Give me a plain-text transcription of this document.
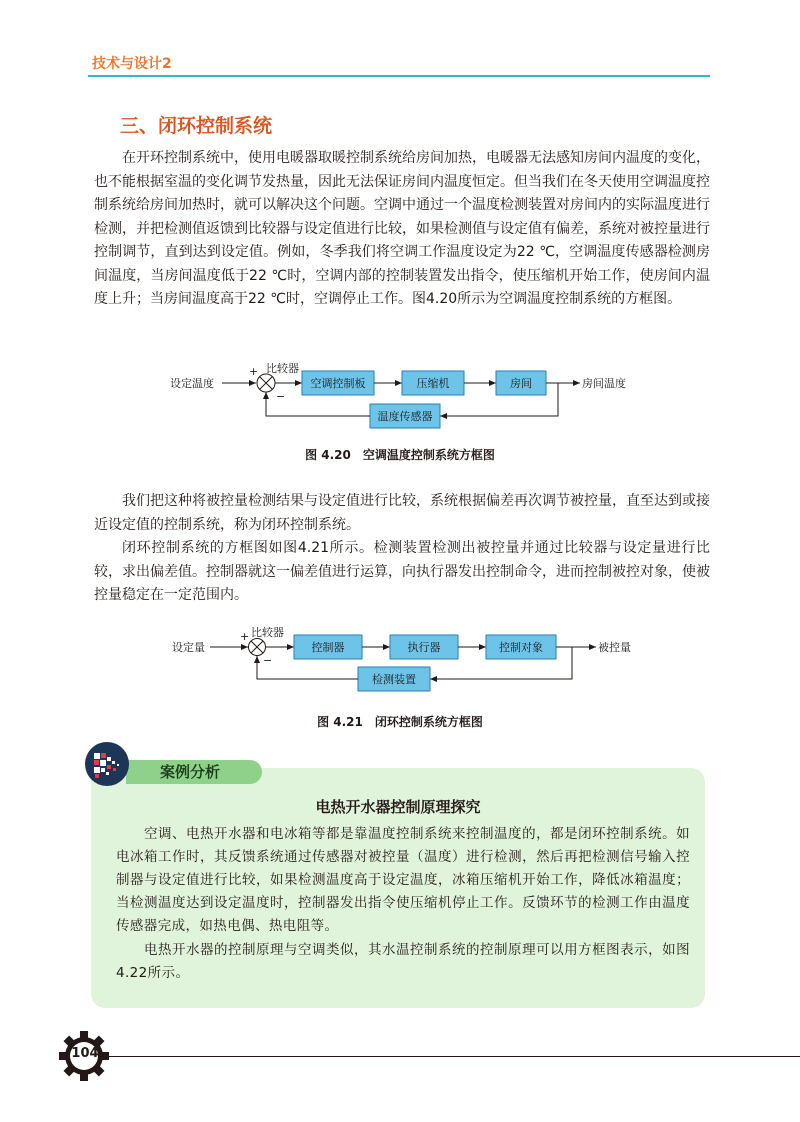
技术与设计2
三、闭环控制系统

在开环控制系统中，使用电暖器取暖控制系统给房间加热，电暖器无法感知房间内温度的变化，也不能根据室温的变化调节发热量，因此无法保证房间内温度恒定。但当我们在冬天使用空调温度控制系统给房间加热时，就可以解决这个问题。空调中通过一个温度检测装置对房间内的实际温度进行检测，并把检测值返馈到比较器与设定值进行比较，如果检测值与设定值有偏差，系统对被控量进行控制调节，直到达到设定值。例如，冬季我们将空调工作温度设定为22 ℃，空调温度传感器检测房间温度，当房间温度低于22 ℃时，空调内部的控制装置发出指令，使压缩机开始工作，使房间内温度上升；当房间温度高于22 ℃时，空调停止工作。图4.20所示为空调温度控制系统的方框图。

设定温度
+ 比较器
−
空调控制板	压缩机	房间	房间温度
温度传感器
图 4.20　空调温度控制系统方框图

我们把这种将被控量检测结果与设定值进行比较，系统根据偏差再次调节被控量，直至达到或接近设定值的控制系统，称为闭环控制系统。

闭环控制系统的方框图如图4.21所示。检测装置检测出被控量并通过比较器与设定量进行比较，求出偏差值。控制器就这一偏差值进行运算，向执行器发出控制命令，进而控制被控对象，使被控量稳定在一定范围内。

设定量
+ 比较器
−
控制器	执行器	控制对象	被控量
检测装置
图 4.21　闭环控制系统方框图
案例分析
电热开水器控制原理探究

空调、电热开水器和电冰箱等都是靠温度控制系统来控制温度的，都是闭环控制系统。如电冰箱工作时，其反馈系统通过传感器对被控量（温度）进行检测，然后再把检测信号输入控制器与设定值进行比较，如果检测温度高于设定温度，冰箱压缩机开始工作，降低冰箱温度；当检测温度达到设定温度时，控制器发出指令使压缩机停止工作。反馈环节的检测工作由温度传感器完成，如热电偶、热电阻等。

电热开水器的控制原理与空调类似，其水温控制系统的控制原理可以用方框图表示，如图4.22所示。

104
